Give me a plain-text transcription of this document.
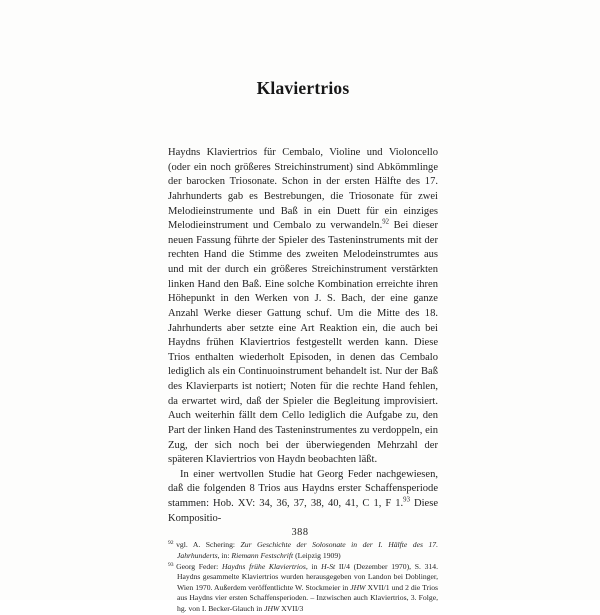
Klaviertrios

Haydns Klaviertrios für Cembalo, Violine und Violoncello (oder ein noch größeres Streichinstrument) sind Abkömmlinge der barocken Triosonate. Schon in der ersten Hälfte des 17. Jahrhunderts gab es Bestrebungen, die Triosonate für zwei Melodieinstrumente und Baß in ein Duett für ein einziges Melodieinstrument und Cembalo zu verwandeln.$^{92}$ Bei dieser neuen Fassung führte der Spieler des Tasteninstruments mit der rechten Hand die Stimme des zweiten Melodeinstrumtes aus und mit der durch ein größeres Streichinstrument verstärkten linken Hand den Baß. Eine solche Kombination erreichte ihren Höhepunkt in den Werken von J. S. Bach, der eine ganze Anzahl Werke dieser Gattung schuf. Um die Mitte des 18. Jahrhunderts aber setzte eine Art Reaktion ein, die auch bei Haydns frühen Klaviertrios festgestellt werden kann. Diese Trios enthalten wiederholt Episoden, in denen das Cembalo lediglich als ein Continuoinstrument behandelt ist. Nur der Baß des Klavierparts ist notiert; Noten für die rechte Hand fehlen, da erwartet wird, daß der Spieler die Begleitung improvisiert. Auch weiterhin fällt dem Cello lediglich die Aufgabe zu, den Part der linken Hand des Tasteninstrumentes zu verdoppeln, ein Zug, der sich noch bei der überwiegenden Mehrzahl der späteren Klaviertrios von Haydn beobachten läßt.

In einer wertvollen Studie hat Georg Feder nachgewiesen, daß die folgenden 8 Trios aus Haydns erster Schaffensperiode stammen: Hob. XV: 34, 36, 37, 38, 40, 41, C 1, F 1.93 Diese Kompositio-

$^{92}$ vgl. A. Schering: Zur Geschichte der Solosonate in der I. Hälfte des 17. Jahrhunderts, in: Riemann Festschrift (Leipzig 1909)

$^{93}$ Georg Feder: Haydns frühe Klaviertrios, in H-St II/4 (Dezember 1970), S. 314. Haydns gesammelte Klaviertrios wurden herausgegeben von Landon bei Doblinger, Wien 1970. Außerdem veröffentlichte W. Stockmeier in JHW XVII/1 und 2 die Trios aus Haydns vier ersten Schaffensperioden. – Inzwischen auch Klaviertrios, 3. Folge, hg. von I. Becker-Glauch in JHW XVII/3

388
